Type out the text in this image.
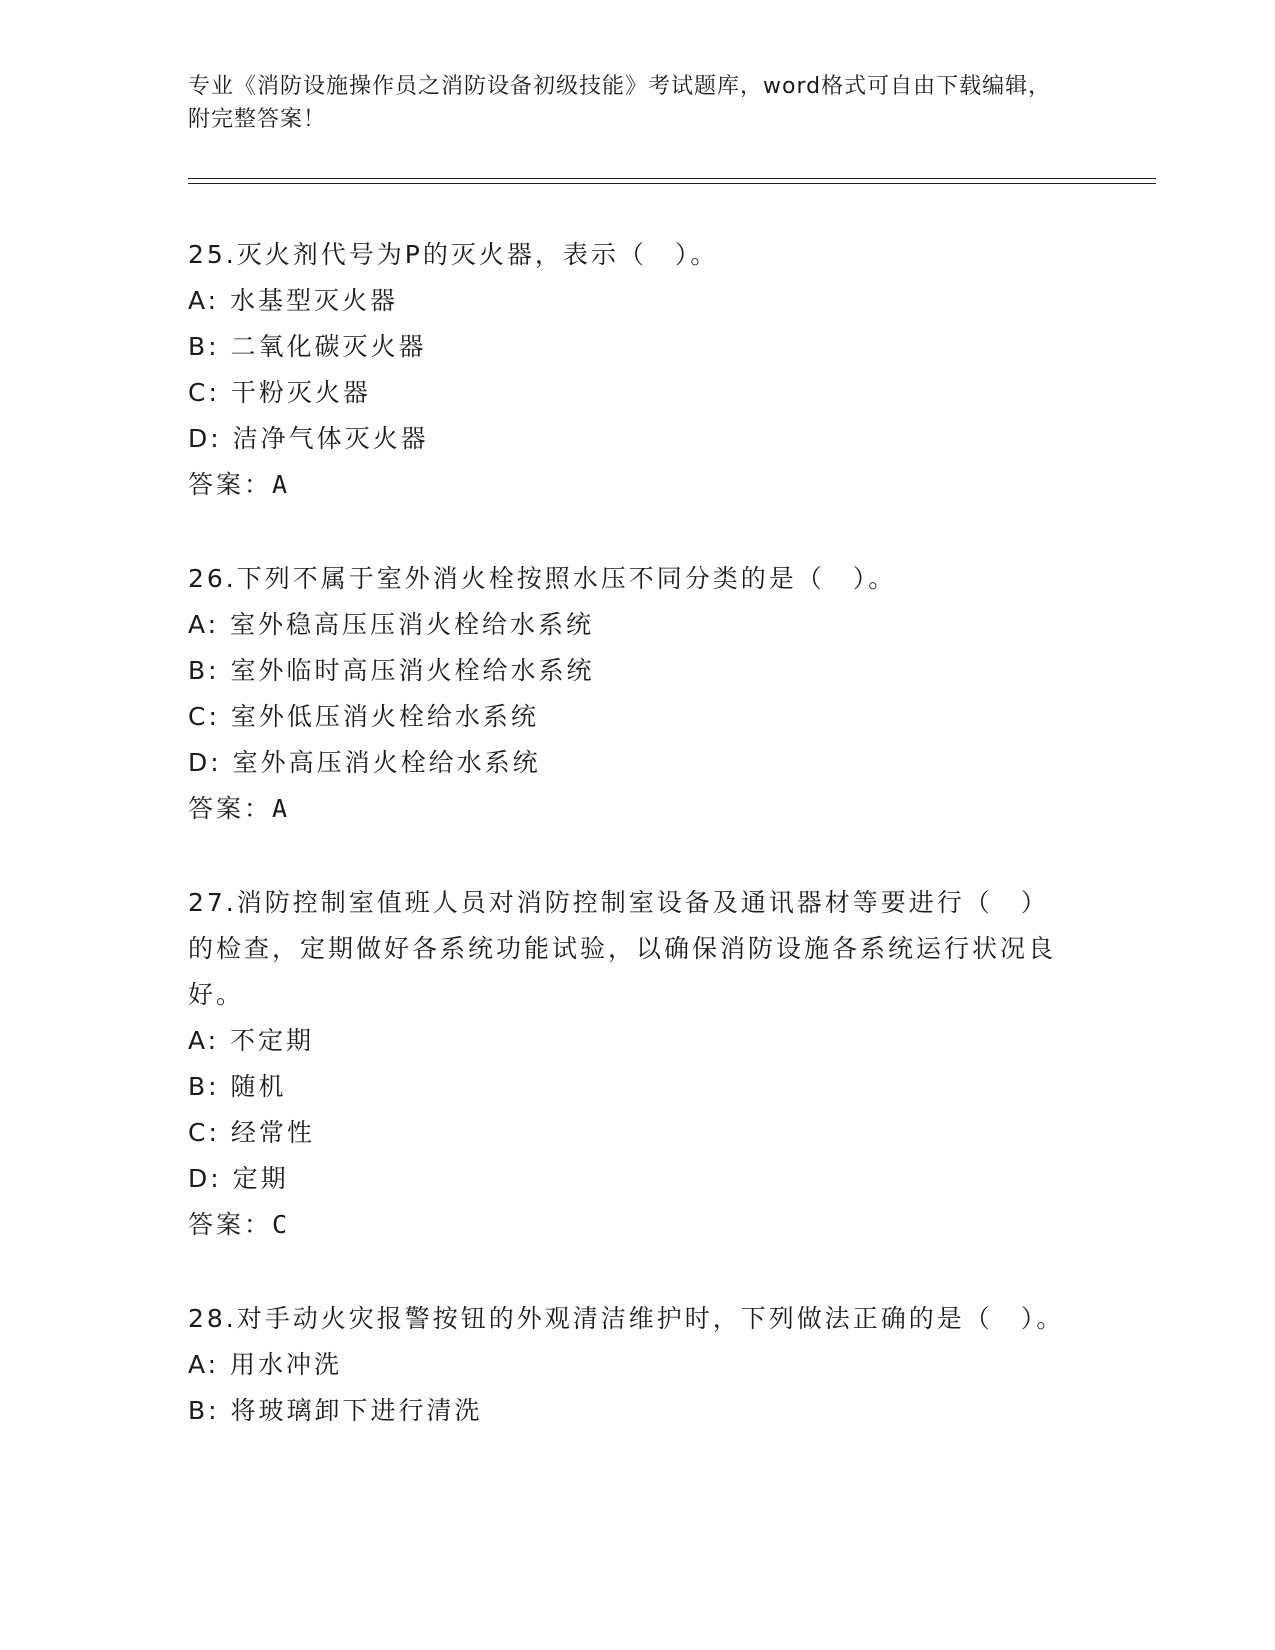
专业《消防设施操作员之消防设备初级技能》考试题库，word格式可自由下载编辑，附完整答案！

25.灭火剂代号为P的灭火器，表示（　）。

A: 水基型灭火器

B: 二氧化碳灭火器

C: 干粉灭火器

D: 洁净气体灭火器

答案：A

26.下列不属于室外消火栓按照水压不同分类的是（　）。

A: 室外稳高压压消火栓给水系统

B: 室外临时高压消火栓给水系统

C: 室外低压消火栓给水系统

D: 室外高压消火栓给水系统

答案：A

27.消防控制室值班人员对消防控制室设备及通讯器材等要进行（　）的检查，定期做好各系统功能试验，以确保消防设施各系统运行状况良好。

A: 不定期

B: 随机

C: 经常性

D: 定期

答案：C

28.对手动火灾报警按钮的外观清洁维护时，下列做法正确的是（　）。

A: 用水冲洗

B: 将玻璃卸下进行清洗
